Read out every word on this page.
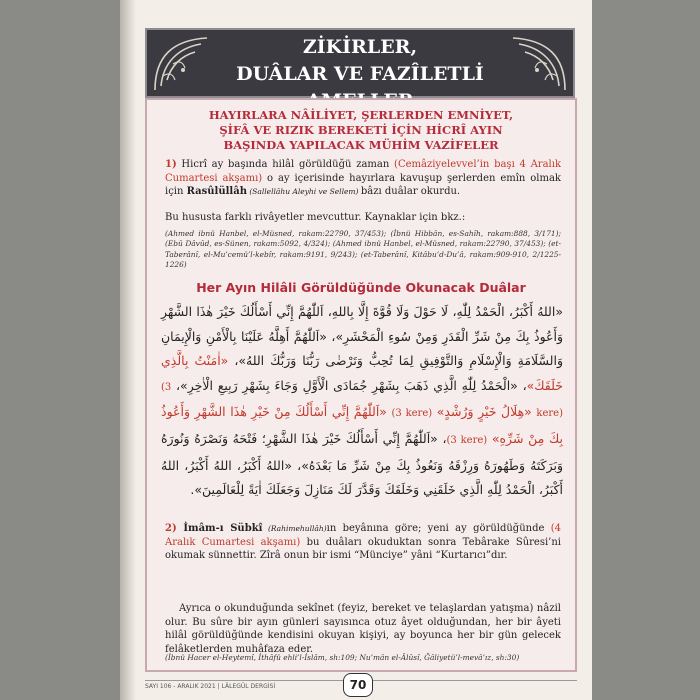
ZİKİRLER,
DUÂLAR VE FAZÎLETLİ
HAYIRLARA NÂİLİYET, ŞERLERDEN EMNİYET,
ŞİFÂ VE RIZIK BEREKETİ İÇİN HİCRÎ AYIN
BAŞINDA YAPILACAK MÜHİM VAZİFELER
1) Hicrî ay başında hilâl görüldüğü zaman (Cemâziyelevvel’in başı 4 Aralık Cumartesi akşamı) o ay içerisinde hayırlara kavuşup şerlerden emîn olmak için Rasûlüllâh (Sallellâhu Aleyhi ve Sellem) bâzı duâlar okurdu.
Bu hususta farklı rivâyetler mevcuttur. Kaynaklar için bkz.:
(Ahmed ibnü Hanbel, el-Müsned, rakam:22790, 37/453); (İbnü Hibbân, es-Sahîh, rakam:888, 3/171); (Ebû Dâvûd, es-Sünen, rakam:5092, 4/324); (Ahmed ibnü Hanbel, el-Müsned, rakam:22790, 37/453); (et-Taberânî, el-Mu’cemü’l-kebîr, rakam:9191, 9/243); (et-Taberânî, Kitâbu’d-Du’â, rakam:909-910, 2/1225-1226)
Her Ayın Hilâli Görüldüğünde Okunacak Duâlar
«اللهُ أَكْبَرُ، الْحَمْدُ لِلّٰهِ، لَا حَوْلَ وَلَا قُوَّةَ إِلَّا بِاللهِ، اَللّٰهُمَّ إِنِّي أَسْأَلُكَ خَيْرَ هٰذَا الشَّهْرِ وَأَعُوذُ بِكَ مِنْ شَرِّ الْقَدَرِ وَمِنْ سُوءِ الْمَحْشَرِ»، «اَللّٰهُمَّ أَهِلَّهُ عَلَيْنَا بِالْأَمْنِ وَالْإِيمَانِ وَالسَّلَامَةِ وَالْإِسْلَامِ وَالتَّوْفِيقِ لِمَا تُحِبُّ وَتَرْضٰى رَبُّنَا وَرَبُّكَ اللهُ»، «اٰمَنْتُ بِالَّذِي خَلَقَكَ»، «الْحَمْدُ لِلّٰهِ الَّذِي ذَهَبَ بِشَهْرِ جُمَادَى الْأَوَّلِ وَجَاءَ بِشَهْرِ رَبِيعِ الْاٰخِرِ»، (3 kere) «هِلَالُ خَيْرٍ وَرُشْدٍ» (3 kere) «اَللّٰهُمَّ إِنِّي أَسْأَلُكَ مِنْ خَيْرِ هٰذَا الشَّهْرِ وَأَعُوذُ بِكَ مِنْ شَرِّهِ» (3 kere)، «اَللّٰهُمَّ إِنِّي أَسْأَلُكَ خَيْرَ هٰذَا الشَّهْرِ؛ فَتْحَهُ وَنَصْرَهُ وَنُورَهُ وَبَرَكَتَهُ وَطَهُورَهُ وَرِزْقَهُ وَنَعُوذُ بِكَ مِنْ شَرِّ مَا بَعْدَهُ»، «اللهُ أَكْبَرُ، اللهُ أَكْبَرُ، اللهُ أَكْبَرُ، الْحَمْدُ لِلّٰهِ الَّذِي خَلَقَنِي وَخَلَقَكَ وَقَدَّرَ لَكَ مَنَازِلَ وَجَعَلَكَ اٰيَةً لِلْعَالَمِينَ».
2) İmâm-ı Sübkî (Rahimehullâh)ın beyânına göre; yeni ay görüldüğünde (4 Aralık Cumartesi akşamı) bu duâları okuduktan sonra Tebârake Sûresi’ni okumak sünnettir. Zîrâ onun bir ismi “Münciye” yâni “Kurtarıcı”dır.
Ayrıca o okunduğunda sekînet (feyiz, bereket ve telaşlardan yatışma) nâzil olur. Bu sûre bir ayın günleri sayısınca otuz âyet olduğundan, her bir âyeti hilâl görüldüğünde kendisini okuyan kişiyi, ay boyunca her bir gün gelecek felâketlerden muhâfaza eder.
(İbnü Hacer el-Heytemî, İthâfü ehli’l-İslâm, sh:109; Nu’mân el-Âlûsî, Ğâliyetü’l-mevâ’ız, sh:30)
SAYI 106 - ARALIK 2021 | LÂLEGÜL DERGİSİ	70
